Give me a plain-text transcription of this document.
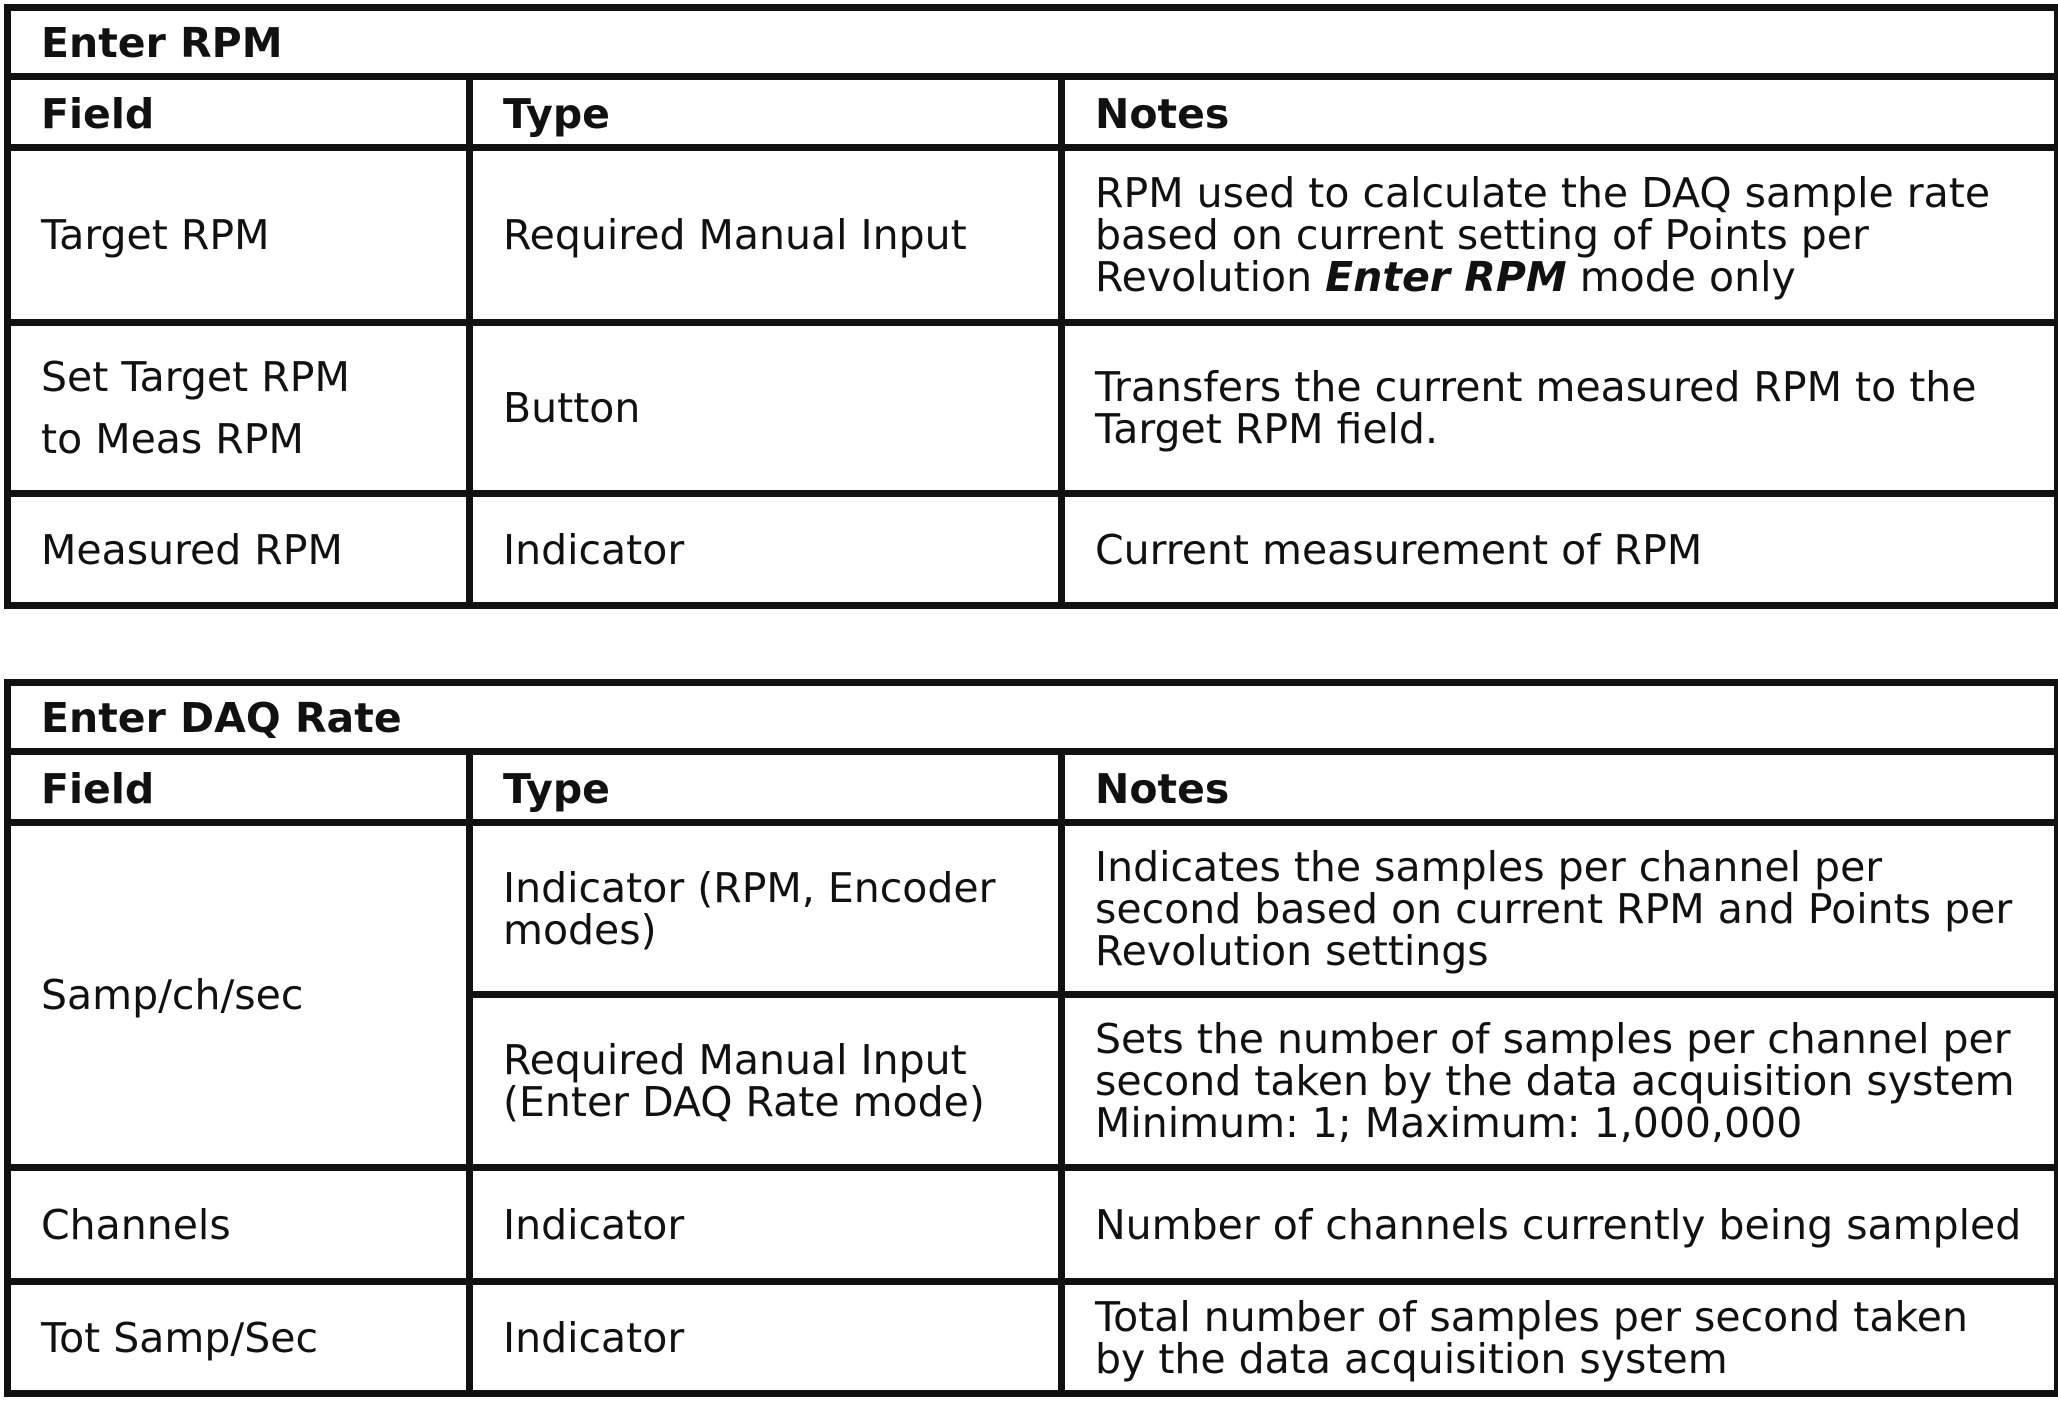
Enter RPM		
Field	Type	Notes
Target RPM	Required Manual Input	RPM used to calculate the DAQ sample rate based on current setting of Points per Revolution Enter RPM mode only
Set Target RPM
to Meas RPM	Button	Transfers the current measured RPM to the Target RPM field.
Measured RPM	Indicator	Current measurement of RPM
Enter DAQ Rate		
Field	Type	Notes
Samp/ch/sec	Indicator (RPM, Encoder modes)	Indicates the samples per channel per second based on current RPM and Points per Revolution settings
	Required Manual Input (Enter DAQ Rate mode)	Sets the number of samples per channel per second taken by the data acquisition system Minimum: 1; Maximum: 1,000,000
Channels	Indicator	Number of channels currently being sampled
Tot Samp/Sec	Indicator	Total number of samples per second taken by the data acquisition system
